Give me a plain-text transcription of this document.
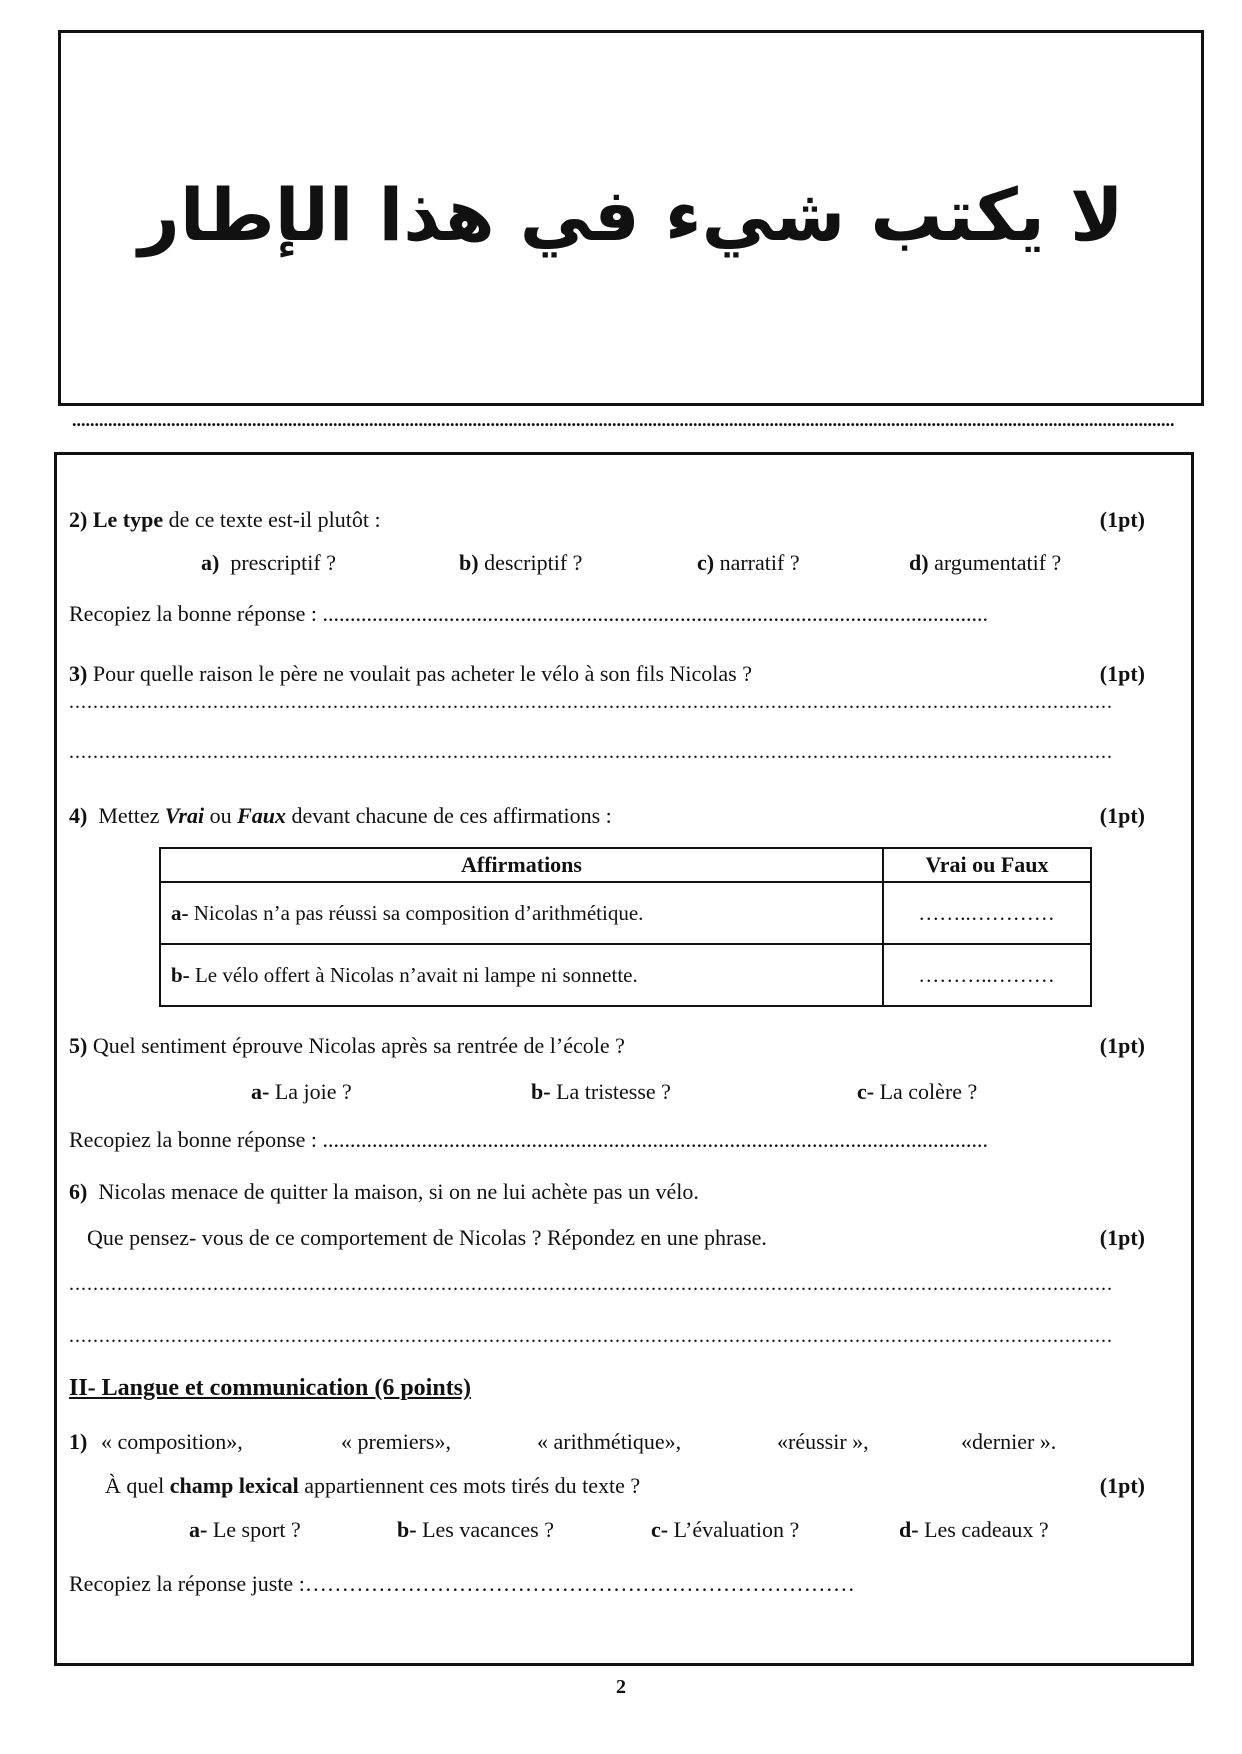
لا يكتب شيء في هذا الإطار
.....................................................................................................................................................................................................................................................
2) Le type de ce texte est-il plutôt :	(1pt)
a) prescriptif ?	b) descriptif ?	c) narratif ?	d) argumentatif ?
Recopiez la bonne réponse : .........................................................................................................................
3) Pour quelle raison le père ne voulait pas acheter le vélo à son fils Nicolas ?	(1pt)
..............................................................................................................................................................................
..............................................................................................................................................................................
4) Mettez Vrai ou Faux devant chacune de ces affirmations :	(1pt)
Affirmations	Vrai ou Faux
a- Nicolas n’a pas réussi sa composition d’arithmétique.	……..…………
b- Le vélo offert à Nicolas n’avait ni lampe ni sonnette.	………..………
5) Quel sentiment éprouve Nicolas après sa rentrée de l’école ?	(1pt)
a- La joie ?	b- La tristesse ?	c- La colère ?
Recopiez la bonne réponse : .........................................................................................................................
6) Nicolas menace de quitter la maison, si on ne lui achète pas un vélo.
Que pensez- vous de ce comportement de Nicolas ? Répondez en une phrase.	(1pt)
..............................................................................................................................................................................
..............................................................................................................................................................................
II- Langue et communication (6 points)
1) « composition»,	« premiers»,	« arithmétique»,	«réussir »,	«dernier ».
À quel champ lexical appartiennent ces mots tirés du texte ?	(1pt)
a- Le sport ?	b- Les vacances ?	c- L’évaluation ?	d- Les cadeaux ?
Recopiez la réponse juste :…………………………………………………………………
2
